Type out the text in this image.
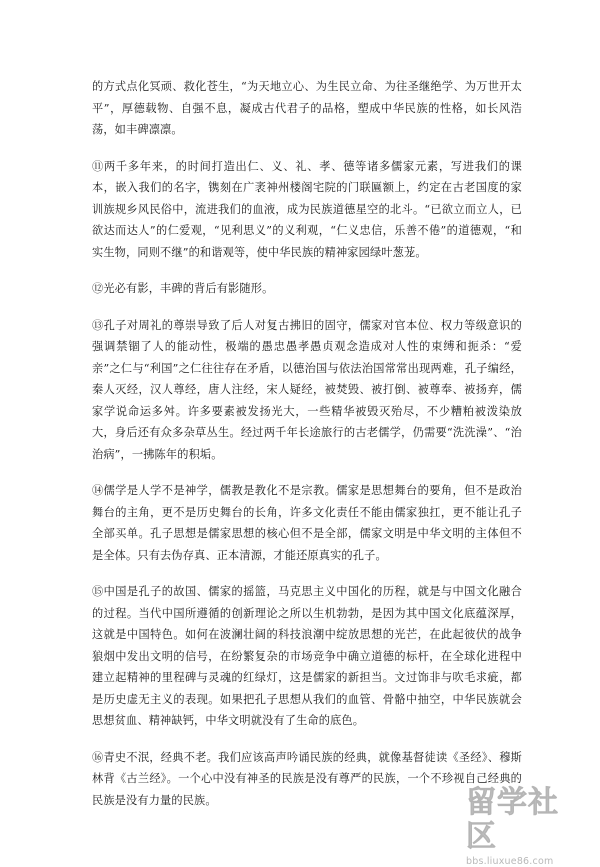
的方式点化冥顽、救化苍生，“为天地立心、为生民立命、为往圣继绝学、为万世开太平”，厚德载物、自强不息，凝成古代君子的品格，塑成中华民族的性格，如长风浩荡，如丰碑凛凛。

⑪两千多年来，的时间打造出仁、义、礼、孝、德等诸多儒家元素，写进我们的课本，嵌入我们的名字，镌刻在广袤神州楼阁宅院的门联匾额上，约定在古老国度的家训族规乡风民俗中，流进我们的血液，成为民族道德星空的北斗。“已欲立而立人，已欲达而达人”的仁爱观，“见利思义”的义利观，“仁义忠信，乐善不倦”的道德观，“和实生物，同则不继”的和谐观等，使中华民族的精神家园绿叶葱茏。

⑫光必有影，丰碑的背后有影随形。

⑬孔子对周礼的尊崇导致了后人对复古拂旧的固守，儒家对官本位、权力等级意识的强调禁锢了人的能动性，极端的愚忠愚孝愚贞观念造成对人性的束缚和扼杀：“爱亲”之仁与“利国”之仁往往存在矛盾，以德治国与依法治国常常出现两难，孔子编经，秦人灭经，汉人尊经，唐人注经，宋人疑经，被焚毁、被打倒、被尊奉、被扬弃，儒家学说命运多舛。许多要素被发扬光大，一些精华被毁灭殆尽，不少糟粕被泼染放大，身后还有众多杂草丛生。经过两千年长途旅行的古老儒学，仍需要“洗洗澡”、“治治病”，一拂陈年的积垢。

⑭儒学是人学不是神学，儒教是教化不是宗教。儒家是思想舞台的要角，但不是政治舞台的主角，更不是历史舞台的长角，许多文化责任不能由儒家独扛，更不能让孔子全部买单。孔子思想是儒家思想的核心但不是全部，儒家文明是中华文明的主体但不是全体。只有去伪存真、正本清源，才能还原真实的孔子。

⑮中国是孔子的故国、儒家的摇篮，马克思主义中国化的历程，就是与中国文化融合的过程。当代中国所遵循的创新理论之所以生机勃勃，是因为其中国文化底蕴深厚，这就是中国特色。如何在波澜壮阔的科技浪潮中绽放思想的光芒，在此起彼伏的战争狼烟中发出文明的信号，在纷繁复杂的市场竞争中确立道德的标杆，在全球化进程中建立起精神的里程碑与灵魂的红绿灯，这是儒家的新担当。文过饰非与吹毛求疵，都是历史虚无主义的表现。如果把孔子思想从我们的血管、骨骼中抽空，中华民族就会思想贫血、精神缺钙，中华文明就没有了生命的底色。

⑯青史不泯，经典不老。我们应该高声吟诵民族的经典，就像基督徒读《圣经》、穆斯林背《古兰经》。一个心中没有神圣的民族是没有尊严的民族，一个不珍视自己经典的民族是没有力量的民族。	留学社区
bbs.liuxue86.com
